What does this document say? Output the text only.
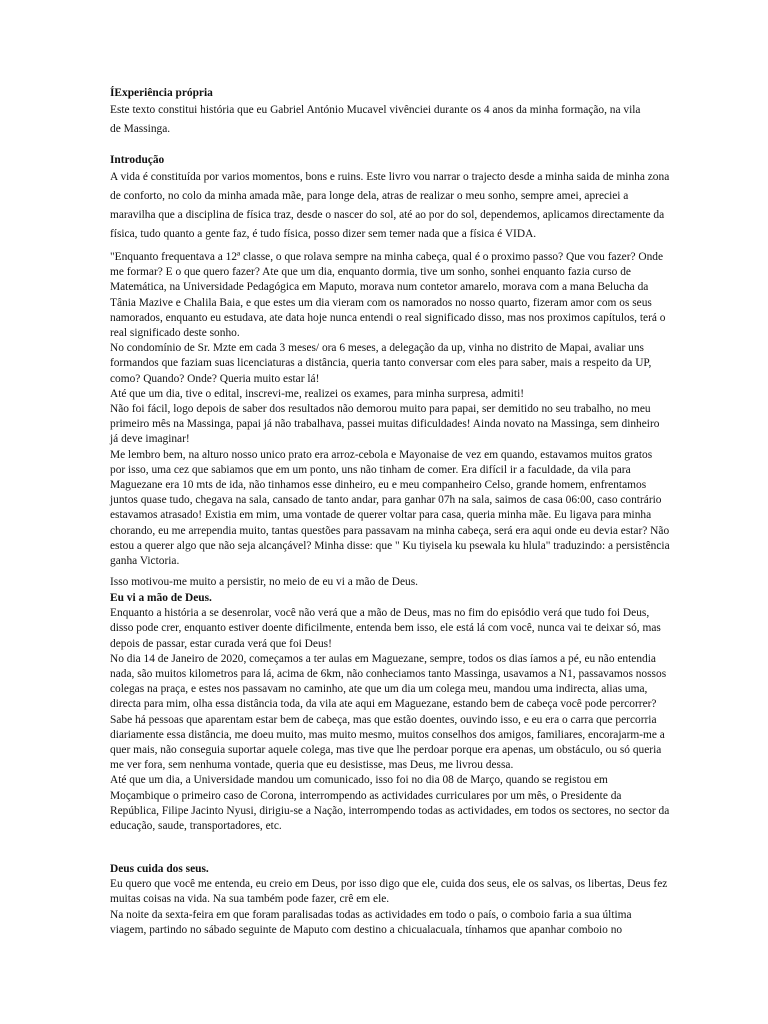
ÍExperiência própria

Este texto constitui história que eu Gabriel António Mucavel vivênciei durante os 4 anos da minha formação, na vila

de Massinga.

Introdução

A vida é constituída por varios momentos, bons e ruins. Este livro vou narrar o trajecto desde a minha saida de minha zona de conforto, no colo da minha amada mãe, para longe dela, atras de realizar o meu sonho, sempre amei, apreciei a maravilha que a disciplina de física traz, desde o nascer do sol, até ao por do sol, dependemos, aplicamos directamente da física, tudo quanto a gente faz, é tudo física, posso dizer sem temer nada que a física é VIDA.

"Enquanto frequentava a 12ª classe, o que rolava sempre na minha cabeça, qual é o proximo passo? Que vou fazer? Onde me formar? E o que quero fazer? Ate que um dia, enquanto dormia, tive um sonho, sonhei enquanto fazia curso de Matemática, na Universidade Pedagógica em Maputo, morava num contetor amarelo, morava com a mana Belucha da Tânia Mazive e Chalila Baia, e que estes um dia vieram com os namorados no nosso quarto, fizeram amor com os seus namorados, enquanto eu estudava, ate data hoje nunca entendi o real significado disso, mas nos proximos capítulos, terá o real significado deste sonho.

No condomínio de Sr. Mzte em cada 3 meses/ ora 6 meses, a delegação da up, vinha no distrito de Mapai, avaliar uns formandos que faziam suas licenciaturas a distância, queria tanto conversar com eles para saber, mais a respeito da UP, como? Quando? Onde? Queria muito estar lá!

Até que um dia, tive o edital, inscrevi-me, realizei os exames, para minha surpresa, admiti!

Não foi fácil, logo depois de saber dos resultados não demorou muito para papai, ser demitido no seu trabalho, no meu primeiro mês na Massinga, papai já não trabalhava, passei muitas dificuldades! Ainda novato na Massinga, sem dinheiro já deve imaginar!

Me lembro bem, na alturo nosso unico prato era arroz-cebola e Mayonaise de vez em quando, estavamos muitos gratos por isso, uma cez que sabiamos que em um ponto, uns não tinham de comer. Era difícil ir a faculdade, da vila para Maguezane era 10 mts de ida, não tinhamos esse dinheiro, eu e meu companheiro Celso, grande homem, enfrentamos juntos quase tudo, chegava na sala, cansado de tanto andar, para ganhar 07h na sala, saimos de casa 06:00, caso contrário estavamos atrasado! Existia em mim, uma vontade de querer voltar para casa, queria minha mãe. Eu ligava para minha chorando, eu me arrependia muito, tantas questões para passavam na minha cabeça, será era aqui onde eu devia estar? Não estou a querer algo que não seja alcançável? Minha disse: que " Ku tiyisela ku psewala ku hlula" traduzindo: a persistência ganha Victoria.

Isso motivou-me muito a persistir, no meio de eu vi a mão de Deus.

Eu vi a mão de Deus.

Enquanto a história a se desenrolar, você não verá que a mão de Deus, mas no fim do episódio verá que tudo foi Deus, disso pode crer, enquanto estiver doente dificilmente, entenda bem isso, ele está lá com você, nunca vai te deixar só, mas depois de passar, estar curada verá que foi Deus!

No dia 14 de Janeiro de 2020, começamos a ter aulas em Maguezane, sempre, todos os dias íamos a pé, eu não entendia nada, são muitos kilometros para lá, acima de 6km, não conheciamos tanto Massinga, usavamos a N1, passavamos nossos colegas na praça, e estes nos passavam no caminho, ate que um dia um colega meu, mandou uma indirecta, alias uma, directa para mim, olha essa distância toda, da vila ate aqui em Maguezane, estando bem de cabeça você pode percorrer? Sabe há pessoas que aparentam estar bem de cabeça, mas que estão doentes, ouvindo isso, e eu era o carra que percorria diariamente essa distância, me doeu muito, mas muito mesmo, muitos conselhos dos amigos, familiares, encorajarm-me a quer mais, não conseguia suportar aquele colega, mas tive que lhe perdoar porque era apenas, um obstáculo, ou só queria me ver fora, sem nenhuma vontade, queria que eu desistisse, mas Deus, me livrou dessa.

Até que um dia, a Universidade mandou um comunicado, isso foi no dia 08 de Março, quando se registou em Moçambique o primeiro caso de Corona, interrompendo as actividades curriculares por um mês, o Presidente da República, Filipe Jacinto Nyusi, dirigiu-se a Nação, interrompendo todas as actividades, em todos os sectores, no sector da educação, saude, transportadores, etc.

Deus cuida dos seus.

Eu quero que você me entenda, eu creio em Deus, por isso digo que ele, cuida dos seus, ele os salvas, os libertas, Deus fez muitas coisas na vida. Na sua também pode fazer, crê em ele.

Na noite da sexta-feira em que foram paralisadas todas as actividades em todo o país, o comboio faria a sua última viagem, partindo no sábado seguinte de Maputo com destino a chicualacuala, tínhamos que apanhar comboio no
